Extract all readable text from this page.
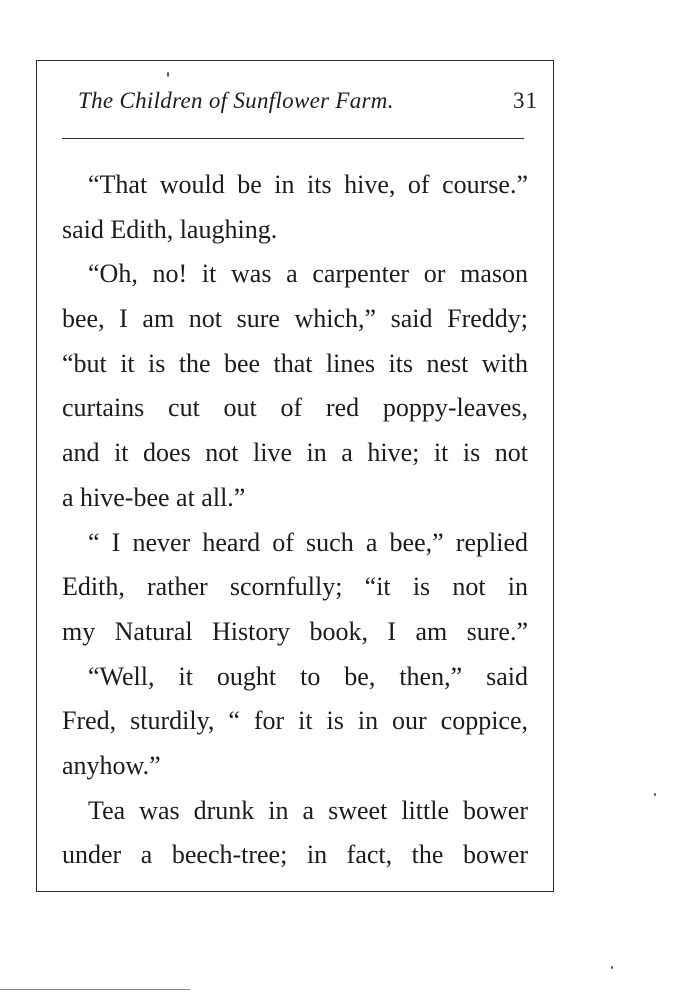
The Children of Sunflower Farm.	31
“That would be in its hive, of course.”
said Edith, laughing.
“Oh, no! it was a carpenter or mason
bee, I am not sure which,” said Freddy;
“but it is the bee that lines its nest with
curtains cut out of red poppy-leaves,
and it does not live in a hive; it is not
a hive-bee at all.”
“ I never heard of such a bee,” replied
Edith, rather scornfully; “it is not in
my Natural History book, I am sure.”
“Well, it ought to be, then,” said
Fred, sturdily, “ for it is in our coppice,
anyhow.”
Tea was drunk in a sweet little bower
under a beech-tree; in fact, the bower
